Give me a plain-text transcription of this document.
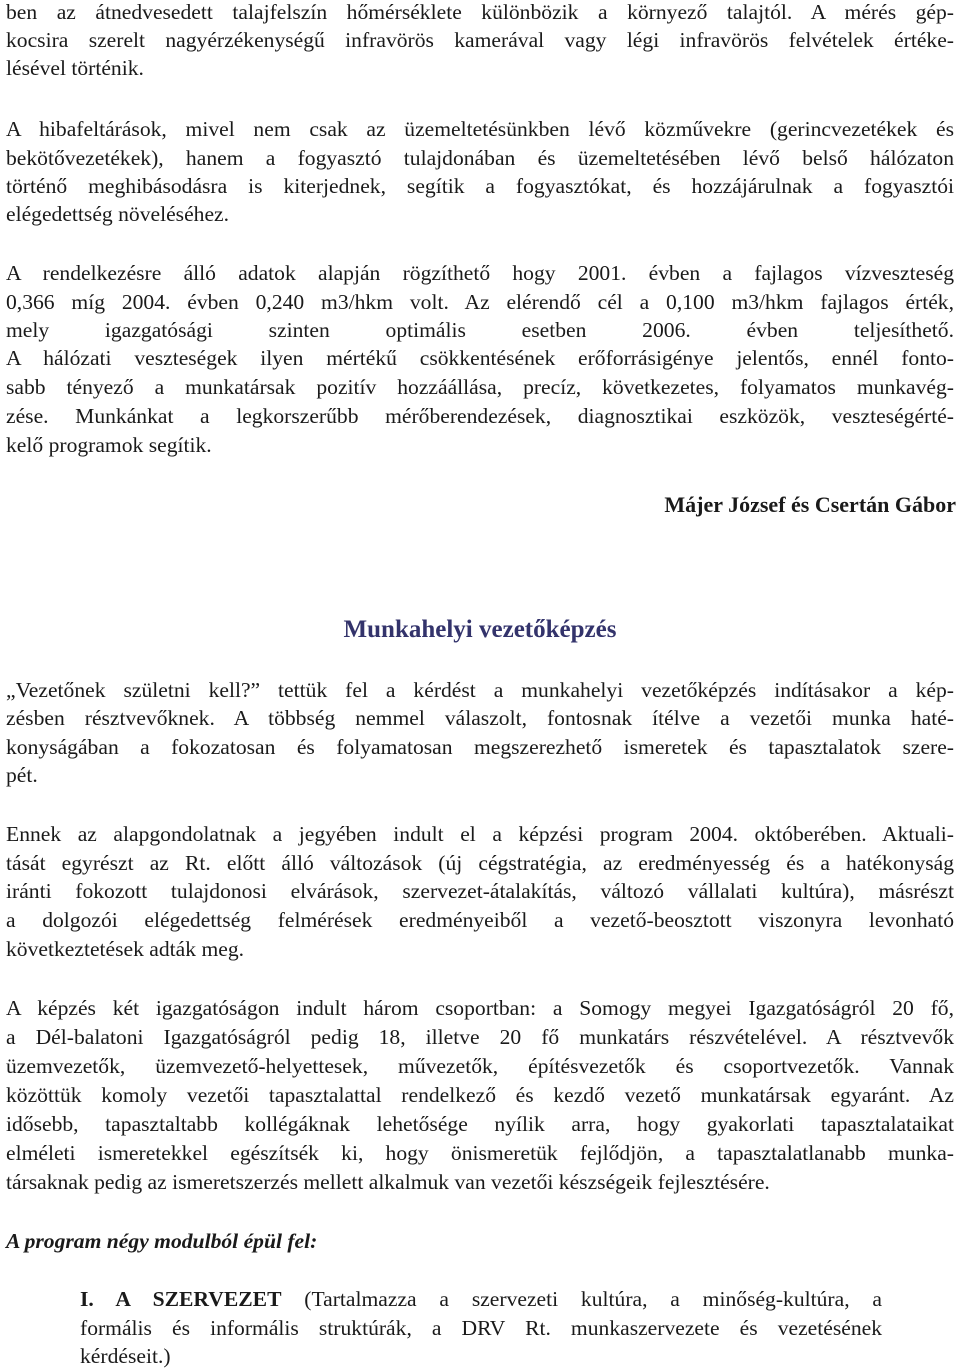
ben az átnedvesedett talajfelszín hőmérséklete különbözik a környező talajtól. A mérés gép-
kocsira szerelt nagyérzékenységű infravörös kamerával vagy légi infravörös felvételek értéke-
lésével történik.
A hibafeltárások, mivel nem csak az üzemeltetésünkben lévő közművekre (gerincvezetékek és
bekötővezetékek), hanem a fogyasztó tulajdonában és üzemeltetésében lévő belső hálózaton
történő meghibásodásra is kiterjednek, segítik a fogyasztókat, és hozzájárulnak a fogyasztói
elégedettség növeléséhez.
A rendelkezésre álló adatok alapján rögzíthető hogy 2001. évben a fajlagos vízveszteség
0,366 míg 2004. évben 0,240 m3/hkm volt. Az elérendő cél a 0,100 m3/hkm fajlagos érték,
mely igazgatósági szinten optimális esetben 2006. évben teljesíthető.
A hálózati veszteségek ilyen mértékű csökkentésének erőforrásigénye jelentős, ennél fonto-
sabb tényező a munkatársak pozitív hozzáállása, precíz, következetes, folyamatos munkavég-
zése. Munkánkat a legkorszerűbb mérőberendezések, diagnosztikai eszközök, veszteségérté-
kelő programok segítik.
Májer József és Csertán Gábor
Munkahelyi vezetőképzés
„Vezetőnek születni kell?” tettük fel a kérdést a munkahelyi vezetőképzés indításakor a kép-
zésben résztvevőknek. A többség nemmel válaszolt, fontosnak ítélve a vezetői munka haté-
konyságában a fokozatosan és folyamatosan megszerezhető ismeretek és tapasztalatok szere-
pét.
Ennek az alapgondolatnak a jegyében indult el a képzési program 2004. októberében. Aktuali-
tását egyrészt az Rt. előtt álló változások (új cégstratégia, az eredményesség és a hatékonyság
iránti fokozott tulajdonosi elvárások, szervezet-átalakítás, változó vállalati kultúra), másrészt
a dolgozói elégedettség felmérések eredményeiből a vezető-beosztott viszonyra levonható
következtetések adták meg.
A képzés két igazgatóságon indult három csoportban: a Somogy megyei Igazgatóságról 20 fő,
a Dél-balatoni Igazgatóságról pedig 18, illetve 20 fő munkatárs részvételével. A résztvevők
üzemvezetők, üzemvezető-helyettesek, művezetők, építésvezetők és csoportvezetők. Vannak
közöttük komoly vezetői tapasztalattal rendelkező és kezdő vezető munkatársak egyaránt. Az
idősebb, tapasztaltabb kollégáknak lehetősége nyílik arra, hogy gyakorlati tapasztalataikat
elméleti ismeretekkel egészítsék ki, hogy önismeretük fejlődjön, a tapasztalatlanabb munka-
társaknak pedig az ismeretszerzés mellett alkalmuk van vezetői készségeik fejlesztésére.
A program négy modulból épül fel:
I. A SZERVEZET (Tartalmazza a szervezeti kultúra, a minőség-kultúra, a
formális és informális struktúrák, a DRV Rt. munkaszervezete és vezetésének
kérdéseit.)
